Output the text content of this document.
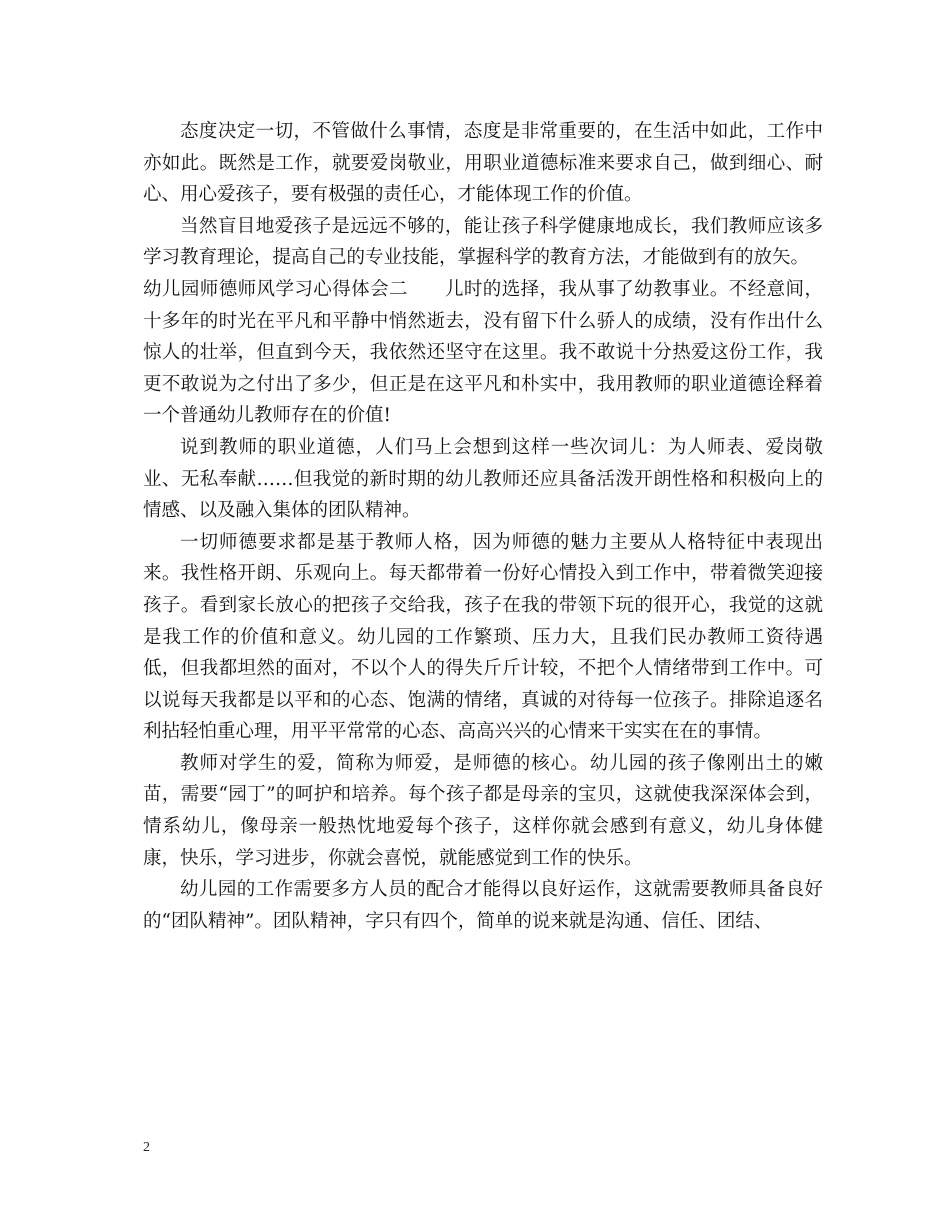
态度决定一切，不管做什么事情，态度是非常重要的，在生活中如此，工作中亦如此。既然是工作，就要爱岗敬业，用职业道德标准来要求自己，做到细心、耐心、用心爱孩子，要有极强的责任心，才能体现工作的价值。

当然盲目地爱孩子是远远不够的，能让孩子科学健康地成长，我们教师应该多学习教育理论，提高自己的专业技能，掌握科学的教育方法，才能做到有的放矢。

幼儿园师德师风学习心得体会二 儿时的选择，我从事了幼教事业。不经意间，十多年的时光在平凡和平静中悄然逝去，没有留下什么骄人的成绩，没有作出什么惊人的壮举，但直到今天，我依然还坚守在这里。我不敢说十分热爱这份工作，我更不敢说为之付出了多少，但正是在这平凡和朴实中，我用教师的职业道德诠释着一个普通幼儿教师存在的价值!

说到教师的职业道德，人们马上会想到这样一些次词儿：为人师表、爱岗敬业、无私奉献……但我觉的新时期的幼儿教师还应具备活泼开朗性格和积极向上的情感、以及融入集体的团队精神。

一切师德要求都是基于教师人格，因为师德的魅力主要从人格特征中表现出来。我性格开朗、乐观向上。每天都带着一份好心情投入到工作中，带着微笑迎接孩子。看到家长放心的把孩子交给我，孩子在我的带领下玩的很开心，我觉的这就是我工作的价值和意义。幼儿园的工作繁琐、压力大，且我们民办教师工资待遇低，但我都坦然的面对，不以个人的得失斤斤计较，不把个人情绪带到工作中。可以说每天我都是以平和的心态、饱满的情绪，真诚的对待每一位孩子。排除追逐名利拈轻怕重心理，用平平常常的心态、高高兴兴的心情来干实实在在的事情。

教师对学生的爱，简称为师爱，是师德的核心。幼儿园的孩子像刚出土的嫩苗，需要“园丁”的呵护和培养。每个孩子都是母亲的宝贝，这就使我深深体会到，情系幼儿，像母亲一般热忱地爱每个孩子，这样你就会感到有意义，幼儿身体健康，快乐，学习进步，你就会喜悦，就能感觉到工作的快乐。

幼儿园的工作需要多方人员的配合才能得以良好运作，这就需要教师具备良好的“团队精神”。团队精神，字只有四个，简单的说来就是沟通、信任、团结、

2
